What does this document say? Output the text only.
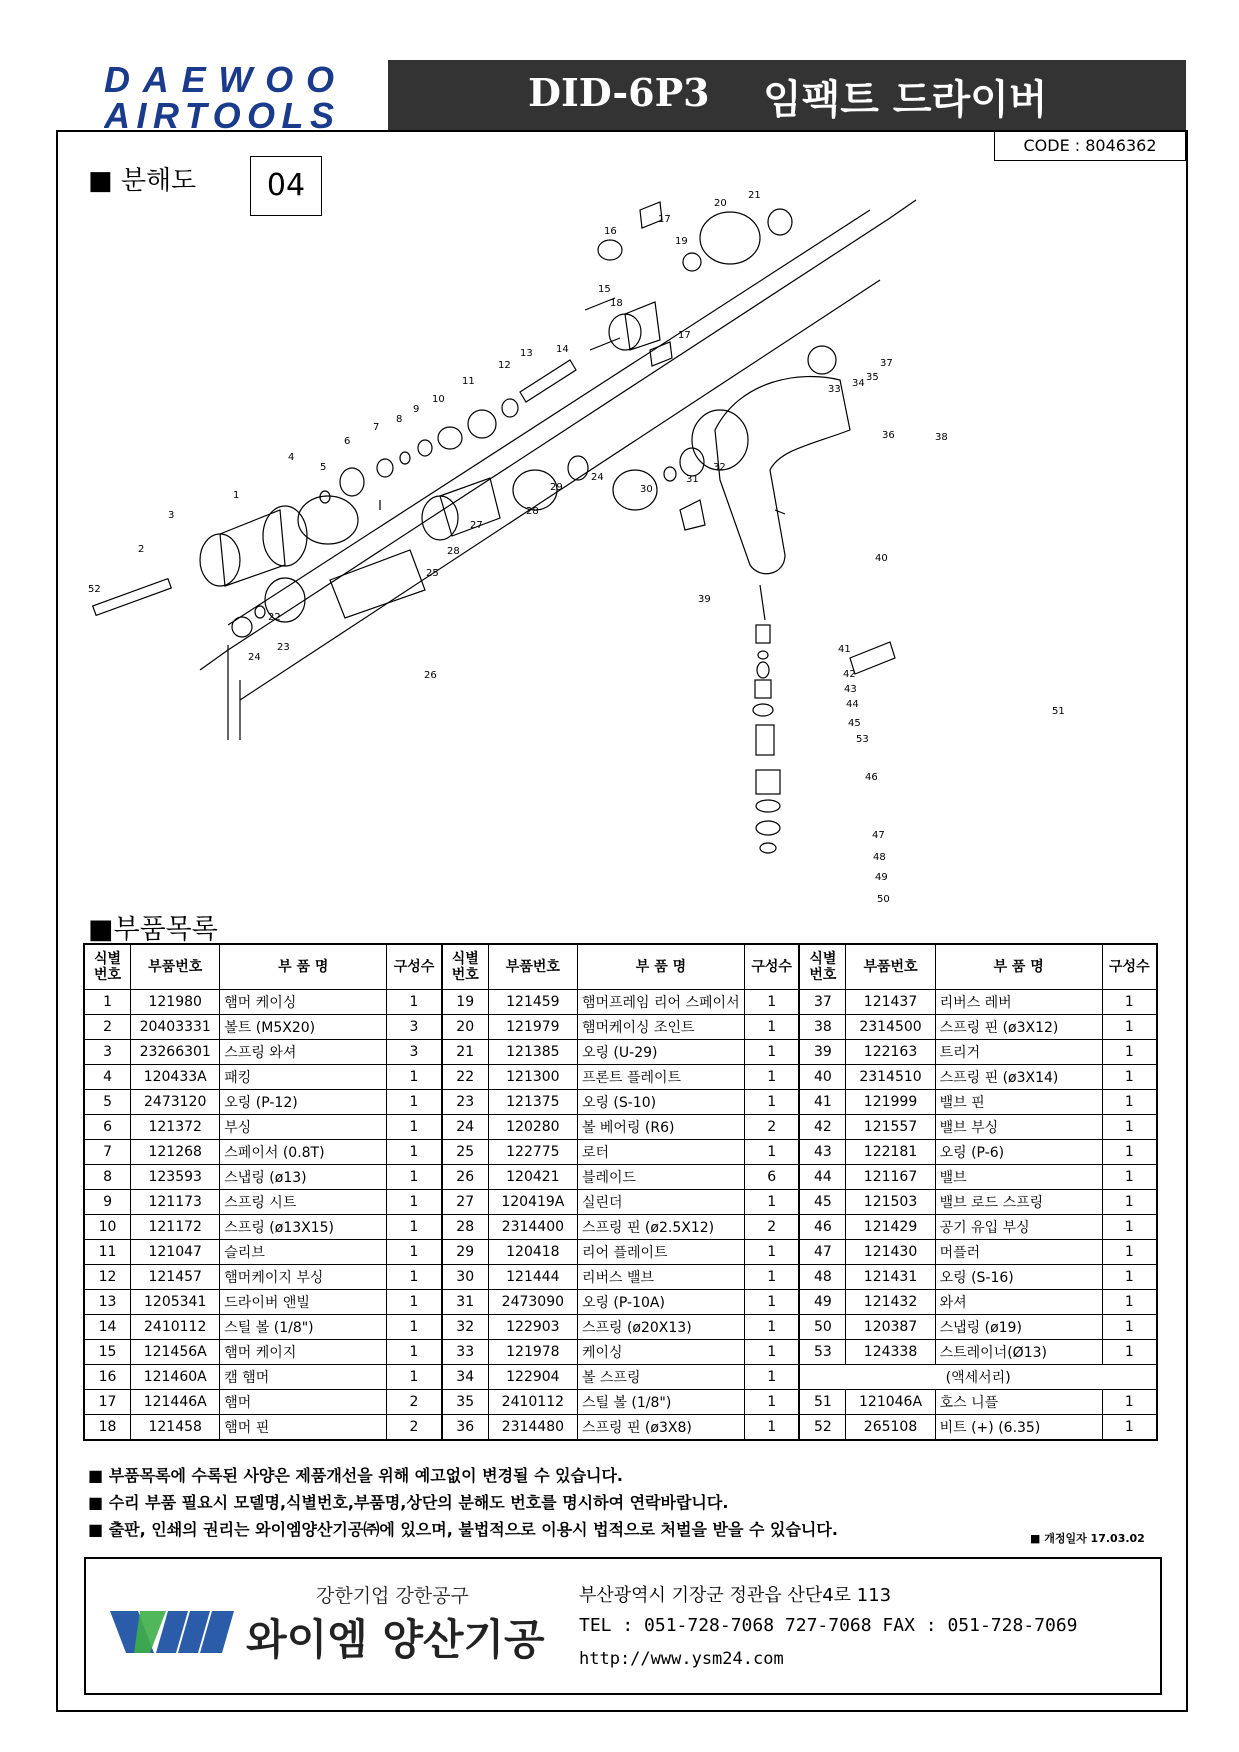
DAEWOO
AIRTOOLS
DID-6P3 임팩트 드라이버
CODE : 8046362
■ 분해도	04
52
2
3
1
4
5
6
7
8
9
10
11
12
13 14
15
16
18
17
17
19
20
21
22
23
24
26
25
28
27
28
29
24
30
31
32
33
34
35
37
36	38
39
40
41
42
43
44
45
53
46
47
48
49
50
51
■부품목록
식별
번호	부품번호	부 품 명	구성수	식별
번호	부품번호	부 품 명	구성수	식별
번호	부품번호	부 품 명	구성수
1	121980	햄머 케이싱	1	19	121459	햄머프레임 리어 스페이서	1	37	121437	리버스 레버	1
2	20403331	볼트 (M5X20)	3	20	121979	햄머케이싱 조인트	1	38	2314500	스프링 핀 (ø3X12)	1
3	23266301	스프링 와셔	3	21	121385	오링 (U-29)	1	39	122163	트리거	1
4	120433A	패킹	1	22	121300	프론트 플레이트	1	40	2314510	스프링 핀 (ø3X14)	1
5	2473120	오링 (P-12)	1	23	121375	오링 (S-10)	1	41	121999	밸브 핀	1
6	121372	부싱	1	24	120280	볼 베어링 (R6)	2	42	121557	밸브 부싱	1
7	121268	스페이서 (0.8T)	1	25	122775	로터	1	43	122181	오링 (P-6)	1
8	123593	스냅링 (ø13)	1	26	120421	블레이드	6	44	121167	밸브	1
9	121173	스프링 시트	1	27	120419A	실린더	1	45	121503	밸브 로드 스프링	1
10	121172	스프링 (ø13X15)	1	28	2314400	스프링 핀 (ø2.5X12)	2	46	121429	공기 유입 부싱	1
11	121047	슬리브	1	29	120418	리어 플레이트	1	47	121430	머플러	1
12	121457	햄머케이지 부싱	1	30	121444	리버스 밸브	1	48	121431	오링 (S-16)	1
13	1205341	드라이버 앤빌	1	31	2473090	오링 (P-10A)	1	49	121432	와셔	1
14	2410112	스틸 볼 (1/8")	1	32	122903	스프링 (ø20X13)	1	50	120387	스냅링 (ø19)	1
15	121456A	햄머 케이지	1	33	121978	케이싱	1	53	124338	스트레이너(Ø13)	1
16	121460A	캠 햄머	1	34	122904	볼 스프링	1	(액세서리)			
17	121446A	햄머	2	35	2410112	스틸 볼 (1/8")	1	51	121046A	호스 니플	1
18	121458	햄머 핀	2	36	2314480	스프링 핀 (ø3X8)	1	52	265108	비트 (+) (6.35)	1
■ 부품목록에 수록된 사양은 제품개선을 위해 예고없이 변경될 수 있습니다.
■ 수리 부품 필요시 모델명,식별번호,부품명,상단의 분해도 번호를 명시하여 연락바랍니다.
■ 출판, 인쇄의 권리는 와이엠양산기공㈜에 있으며, 불법적으로 이용시 법적으로 처벌을 받을 수 있습니다.	■ 개정일자 17.03.02
강한기업 강한공구
와이엠 양산기공
부산광역시 기장군 정관읍 산단4로 113
TEL : 051-728-7068 727-7068 FAX : 051-728-7069
http://www.ysm24.com
